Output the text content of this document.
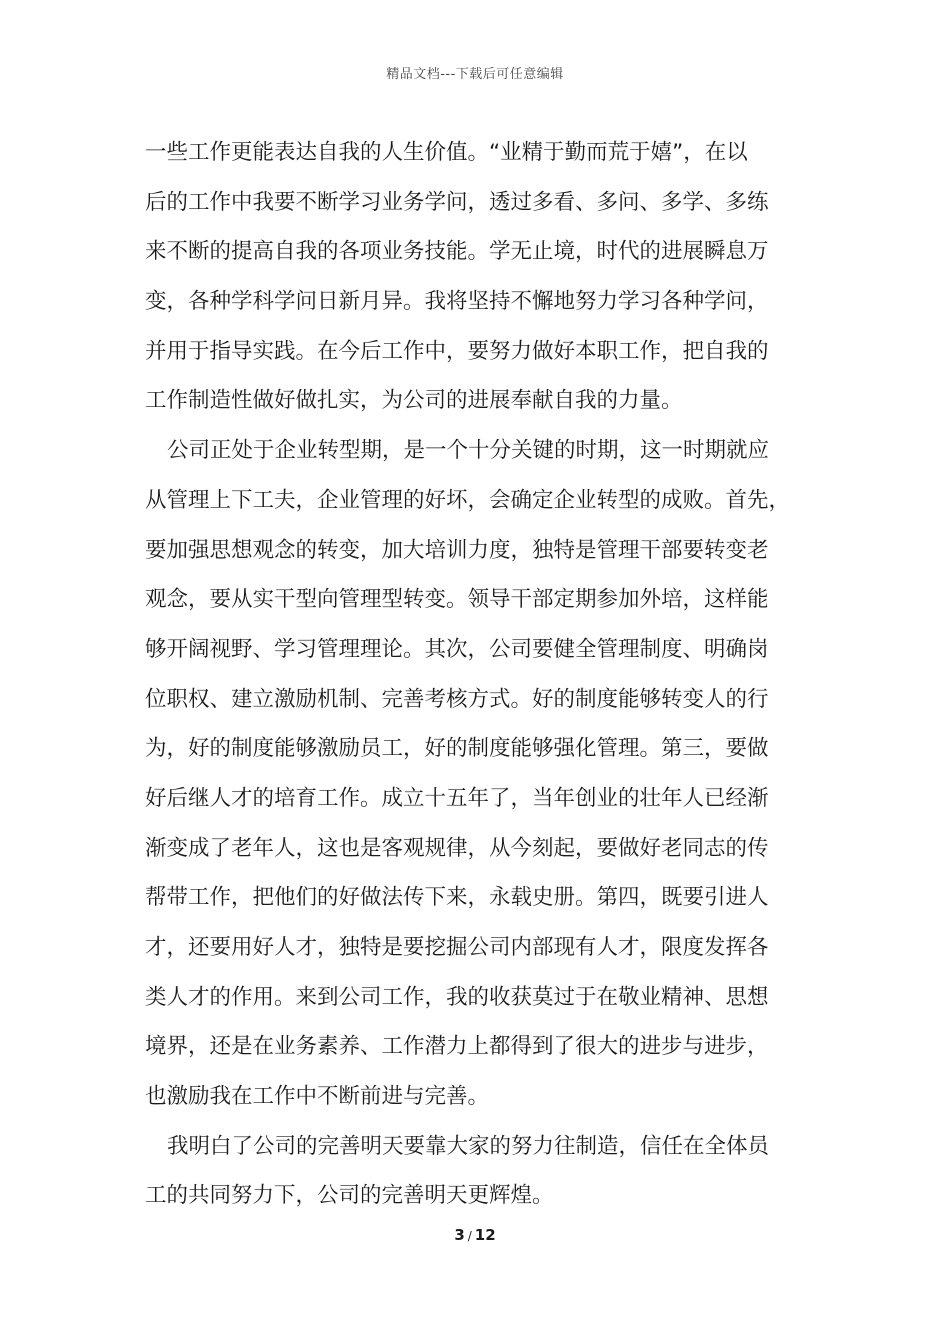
精品文档---下载后可任意编辑
一些工作更能表达自我的人生价值。“业精于勤而荒于嬉”，在以
后的工作中我要不断学习业务学问，透过多看、多问、多学、多练
来不断的提高自我的各项业务技能。学无止境，时代的进展瞬息万
变，各种学科学问日新月异。我将坚持不懈地努力学习各种学问，
并用于指导实践。在今后工作中，要努力做好本职工作，把自我的
工作制造性做好做扎实，为公司的进展奉献自我的力量。
公司正处于企业转型期，是一个十分关键的时期，这一时期就应
从管理上下工夫，企业管理的好坏，会确定企业转型的成败。首先，
要加强思想观念的转变，加大培训力度，独特是管理干部要转变老
观念，要从实干型向管理型转变。领导干部定期参加外培，这样能
够开阔视野、学习管理理论。其次，公司要健全管理制度、明确岗
位职权、建立激励机制、完善考核方式。好的制度能够转变人的行
为，好的制度能够激励员工，好的制度能够强化管理。第三，要做
好后继人才的培育工作。成立十五年了，当年创业的壮年人已经渐
渐变成了老年人，这也是客观规律，从今刻起，要做好老同志的传
帮带工作，把他们的好做法传下来，永载史册。第四，既要引进人
才，还要用好人才，独特是要挖掘公司内部现有人才，限度发挥各
类人才的作用。来到公司工作，我的收获莫过于在敬业精神、思想
境界，还是在业务素养、工作潜力上都得到了很大的进步与进步，
也激励我在工作中不断前进与完善。
我明白了公司的完善明天要靠大家的努力往制造，信任在全体员
工的共同努力下，公司的完善明天更辉煌。
3 / 12
